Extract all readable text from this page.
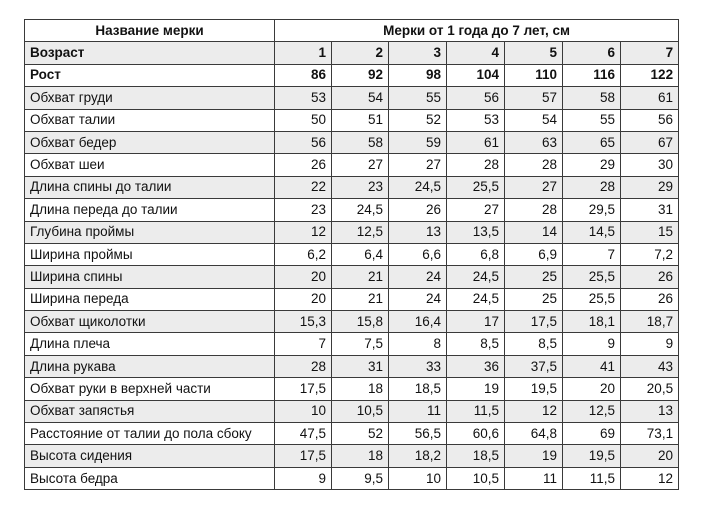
Название мерки	Мерки от 1 года до 7 лет, см						
Возраст	1	2	3	4	5	6	7
Рост	86	92	98	104	110	116	122
Обхват груди	53	54	55	56	57	58	61
Обхват талии	50	51	52	53	54	55	56
Обхват бедер	56	58	59	61	63	65	67
Обхват шеи	26	27	27	28	28	29	30
Длина спины до талии	22	23	24,5	25,5	27	28	29
Длина переда до талии	23	24,5	26	27	28	29,5	31
Глубина проймы	12	12,5	13	13,5	14	14,5	15
Ширина проймы	6,2	6,4	6,6	6,8	6,9	7	7,2
Ширина спины	20	21	24	24,5	25	25,5	26
Ширина переда	20	21	24	24,5	25	25,5	26
Обхват щиколотки	15,3	15,8	16,4	17	17,5	18,1	18,7
Длина плеча	7	7,5	8	8,5	8,5	9	9
Длина рукава	28	31	33	36	37,5	41	43
Обхват руки в верхней части	17,5	18	18,5	19	19,5	20	20,5
Обхват запястья	10	10,5	11	11,5	12	12,5	13
Расстояние от талии до пола сбоку	47,5	52	56,5	60,6	64,8	69	73,1
Высота сидения	17,5	18	18,2	18,5	19	19,5	20
Высота бедра	9	9,5	10	10,5	11	11,5	12
